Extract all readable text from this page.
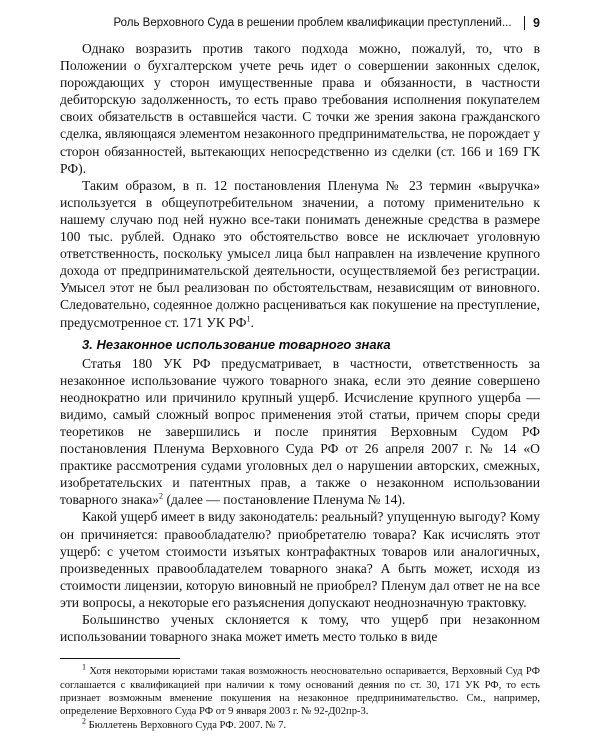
Роль Верховного Суда в решении проблем квалификации преступлений... 9

Однако возразить против такого подхода можно, пожалуй, то, что в Положении о бухгалтерском учете речь идет о совершении законных сделок, порождающих у сторон имущественные права и обязанности, в частности дебиторскую задолженность, то есть право требования исполнения покупателем своих обязательств в оставшейся части. С точки же зрения закона гражданского сделка, являющаяся элементом незаконного предпринимательства, не порождает у сторон обязанностей, вытекающих непосредственно из сделки (ст. 166 и 169 ГК РФ).

Таким образом, в п. 12 постановления Пленума № 23 термин «выручка» используется в общеупотребительном значении, а потому применительно к нашему случаю под ней нужно все-таки понимать денежные средства в размере 100 тыс. рублей. Однако это обстоятельство вовсе не исключает уголовную ответственность, поскольку умысел лица был направлен на извлечение крупного дохода от предпринимательской деятельности, осуществляемой без регистрации. Умысел этот не был реализован по обстоятельствам, независящим от виновного. Следовательно, содеянное должно расцениваться как покушение на преступление, предусмотренное ст. 171 УК $РФ^1$.

3. Незаконное использование товарного знака

Статья 180 УК РФ предусматривает, в частности, ответственность за незаконное использование чужого товарного знака, если это деяние совершено неоднократно или причинило крупный ущерб. Исчисление крупного ущерба — видимо, самый сложный вопрос применения этой статьи, причем споры среди теоретиков не завершились и после принятия Верховным Судом РФ постановления Пленума Верховного Суда РФ от 26 апреля 2007 г. № 14 «О практике рассмотрения судами уголовных дел о нарушении авторских, смежных, изобретательских и патентных прав, а также о незаконном использовании товарного знака»$^2$ (далее — постановление Пленума № 14).

Какой ущерб имеет в виду законодатель: реальный? упущенную выгоду? Кому он причиняется: правообладателю? приобретателю товара? Как исчислять этот ущерб: с учетом стоимости изъятых контрафактных товаров или аналогичных, произведенных правообладателем товарного знака? А быть может, исходя из стоимости лицензии, которую виновный не приобрел? Пленум дал ответ не на все эти вопросы, а некоторые его разъяснения допускают неоднозначную трактовку.

Большинство ученых склоняется к тому, что ущерб при незаконном использовании товарного знака может иметь место только в виде

$^1$ Хотя некоторыми юристами такая возможность неосновательно оспаривается, Верховный Суд РФ соглашается с квалификацией при наличии к тому оснований деяния по ст. 30, 171 УК РФ, то есть признает возможным вменение покушения на незаконное предпринимательство. См., например, определение Верховного Суда РФ от 9 января 2003 г. № 92-Д02пр-3.

$^2$ Бюллетень Верховного Суда РФ. 2007. № 7.
